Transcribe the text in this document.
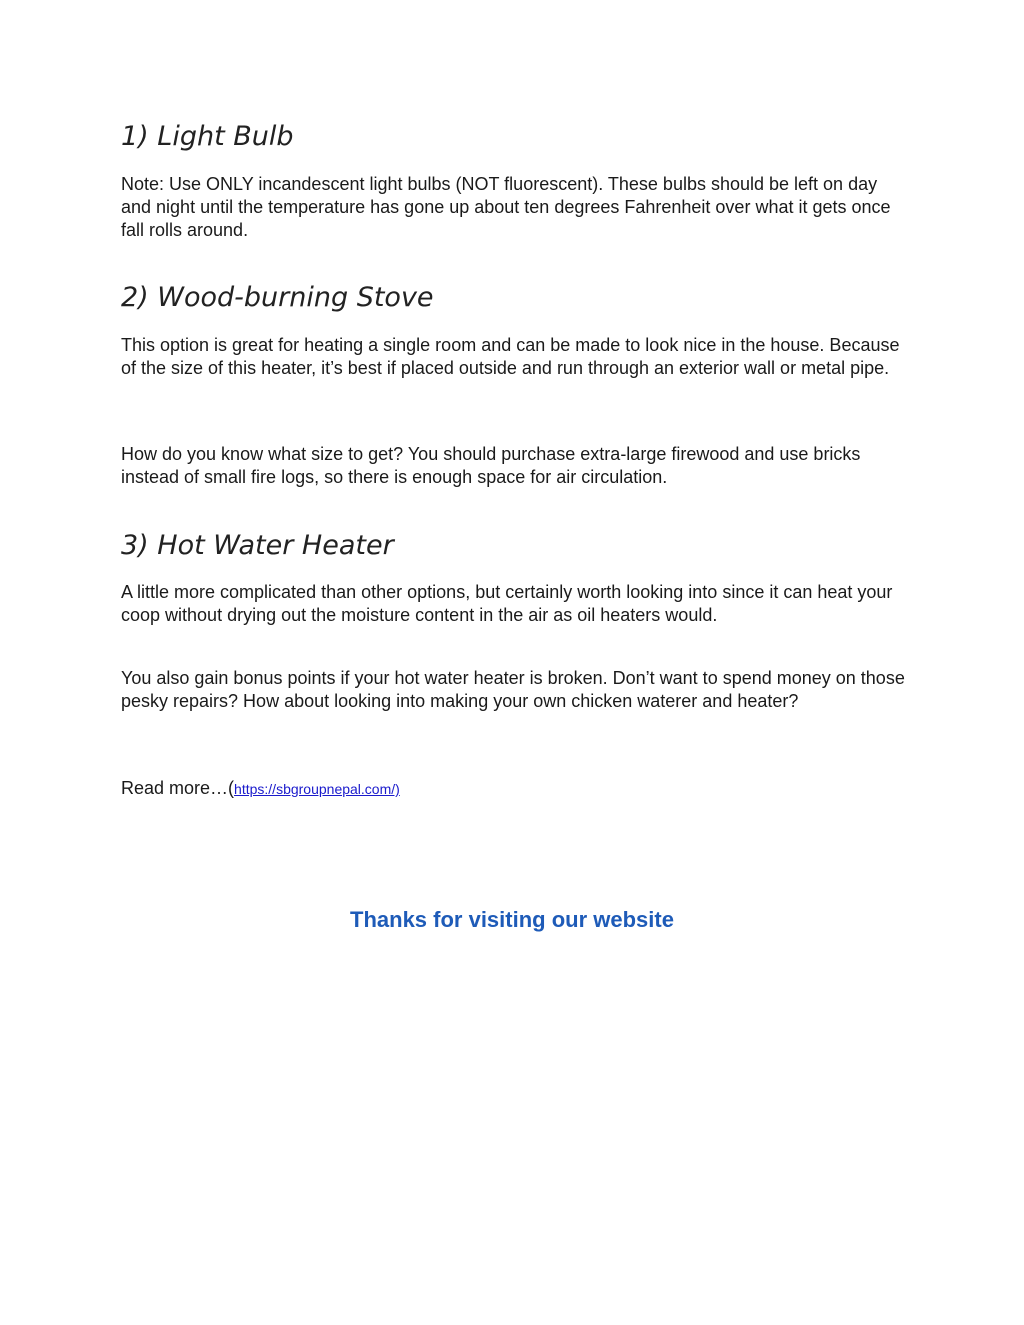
1) Light Bulb

Note: Use ONLY incandescent light bulbs (NOT fluorescent). These bulbs should be left on day and night until the temperature has gone up about ten degrees Fahrenheit over what it gets once fall rolls around.

2) Wood-burning Stove

This option is great for heating a single room and can be made to look nice in the house. Because of the size of this heater, it’s best if placed outside and run through an exterior wall or metal pipe.

How do you know what size to get? You should purchase extra-large firewood and use bricks instead of small fire logs, so there is enough space for air circulation.

3) Hot Water Heater

A little more complicated than other options, but certainly worth looking into since it can heat your coop without drying out the moisture content in the air as oil heaters would.

You also gain bonus points if your hot water heater is broken. Don’t want to spend money on those pesky repairs? How about looking into making your own chicken waterer and heater?

Read more…(https://sbgroupnepal.com/)

Thanks for visiting our website
